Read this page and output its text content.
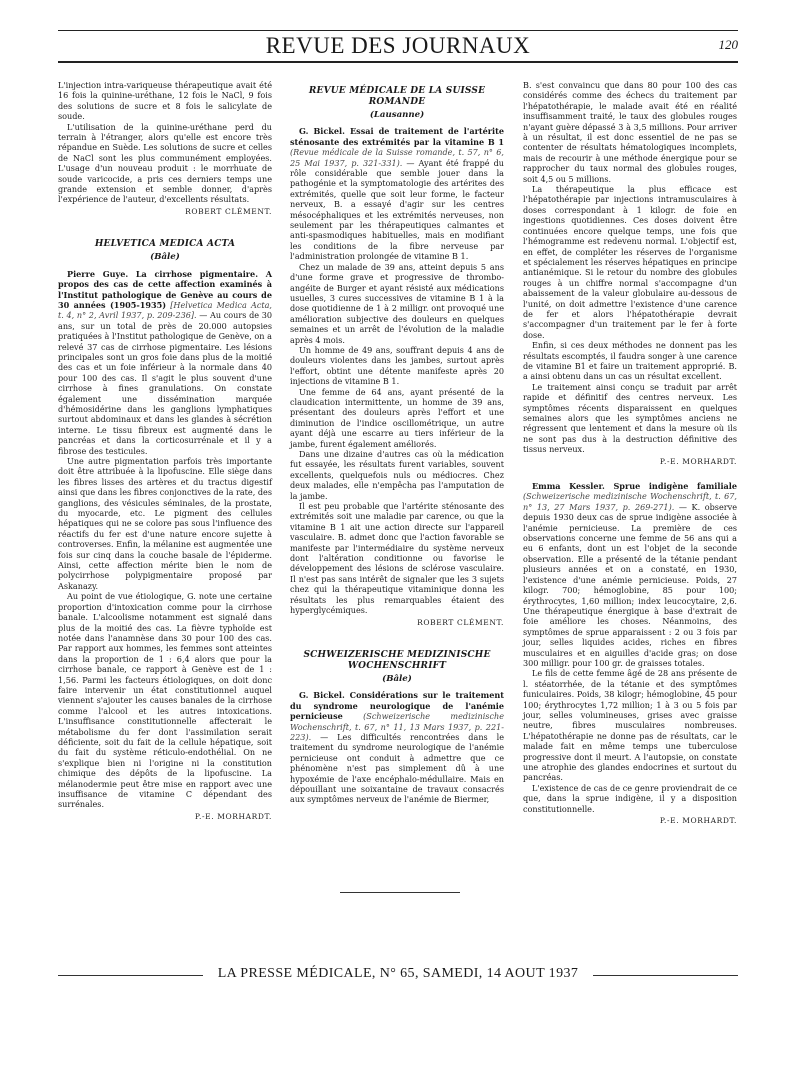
REVUE DES JOURNAUX	120

L'injection intra-variqueuse thérapeutique avait été 16 fois la quinine-uréthane, 12 fois le NaCl, 9 fois des solutions de sucre et 8 fois le salicylate de soude.

L'utilisation de la quinine-uréthane perd du terrain à l'étranger, alors qu'elle est encore très répandue en Suède. Les solutions de sucre et celles de NaCl sont les plus communément employées. L'usage d'un nouveau produit : le morrhuate de soude varicocide, a pris ces derniers temps une grande extension et semble donner, d'après l'expérience de l'auteur, d'excellents résultats.

ROBERT CLÉMENT.

HELVETICA MEDICA ACTA

(Bâle)

Pierre Guye. La cirrhose pigmentaire. A propos des cas de cette affection examinés à l'Institut pathologique de Genève au cours de 30 années (1905-1935) [Helvetica Medica Acta, t. 4, n° 2, Avril 1937, p. 209-236]. — Au cours de 30 ans, sur un total de près de 20.000 autopsies pratiquées à l'Institut pathologique de Genève, on a relevé 37 cas de cirrhose pigmentaire. Les lésions principales sont un gros foie dans plus de la moitié des cas et un foie inférieur à la normale dans 40 pour 100 des cas. Il s'agit le plus souvent d'une cirrhose à fines granulations. On constate également une dissémination marquée d'hémosidérine dans les ganglions lymphatiques surtout abdominaux et dans les glandes à sécrétion interne. Le tissu fibreux est augmenté dans le pancréas et dans la corticosurrénale et il y a fibrose des testicules.

Une autre pigmentation parfois très importante doit être attribuée à la lipofuscine. Elle siège dans les fibres lisses des artères et du tractus digestif ainsi que dans les fibres conjonctives de la rate, des ganglions, des vésicules séminales, de la prostate, du myocarde, etc. Le pigment des cellules hépatiques qui ne se colore pas sous l'influence des réactifs du fer est d'une nature encore sujette à controverses. Enfin, la mélanine est augmentée une fois sur cinq dans la couche basale de l'épiderme. Ainsi, cette affection mérite bien le nom de polycirrhose polypigmentaire proposé par Askanazy.

Au point de vue étiologique, G. note une certaine proportion d'intoxication comme pour la cirrhose banale. L'alcoolisme notamment est signalé dans plus de la moitié des cas. La fièvre typhoïde est notée dans l'anamnèse dans 30 pour 100 des cas. Par rapport aux hommes, les femmes sont atteintes dans la proportion de 1 : 6,4 alors que pour la cirrhose banale, ce rapport à Genève est de 1 : 1,56. Parmi les facteurs étiologiques, on doit donc faire intervenir un état constitutionnel auquel viennent s'ajouter les causes banales de la cirrhose comme l'alcool et les autres intoxications. L'insuffisance constitutionnelle affecterait le métabolisme du fer dont l'assimilation serait déficiente, soit du fait de la cellule hépatique, soit du fait du système réticulo-endothélial. On ne s'explique bien ni l'origine ni la constitution chimique des dépôts de la lipofuscine. La mélanodermie peut être mise en rapport avec une insuffisance de vitamine C dépendant des surrénales.

P.-E. MORHARDT.

REVUE MÉDICALE DE LA SUISSE ROMANDE

(Lausanne)

G. Bickel. Essai de traitement de l'artérite sténosante des extrémités par la vitamine B 1 (Revue médicale de la Suisse romande, t. 57, n° 6, 25 Mai 1937, p. 321-331). — Ayant été frappé du rôle considérable que semble jouer dans la pathogénie et la symptomatologie des artérites des extrémités, quelle que soit leur forme, le facteur nerveux, B. a essayé d'agir sur les centres mésocéphaliques et les extrémités nerveuses, non seulement par les thérapeutiques calmantes et anti-spasmodiques habituelles, mais en modifiant les conditions de la fibre nerveuse par l'administration prolongée de vitamine B 1.

Chez un malade de 39 ans, atteint depuis 5 ans d'une forme grave et progressive de thrombo-angéite de Burger et ayant résisté aux médications usuelles, 3 cures successives de vitamine B 1 à la dose quotidienne de 1 à 2 milligr. ont provoqué une amélioration subjective des douleurs en quelques semaines et un arrêt de l'évolution de la maladie après 4 mois.

Un homme de 49 ans, souffrant depuis 4 ans de douleurs violentes dans les jambes, surtout après l'effort, obtint une détente manifeste après 20 injections de vitamine B 1.

Une femme de 64 ans, ayant présenté de la claudication intermittente, un homme de 39 ans, présentant des douleurs après l'effort et une diminution de l'indice oscillométrique, un autre ayant déjà une escarre au tiers inférieur de la jambe, furent également améliorés.

Dans une dizaine d'autres cas où la médication fut essayée, les résultats furent variables, souvent excellents, quelquefois nuls ou médiocres. Chez deux malades, elle n'empêcha pas l'amputation de la jambe.

Il est peu probable que l'artérite sténosante des extrémités soit une maladie par carence, ou que la vitamine B 1 ait une action directe sur l'appareil vasculaire. B. admet donc que l'action favorable se manifeste par l'intermédiaire du système nerveux dont l'altération conditionne ou favorise le développement des lésions de sclérose vasculaire. Il n'est pas sans intérêt de signaler que les 3 sujets chez qui la thérapeutique vitaminique donna les résultats les plus remarquables étaient des hyperglycémiques.

ROBERT CLÉMENT.

SCHWEIZERISCHE MEDIZINISCHE WOCHENSCHRIFT

(Bâle)

G. Bickel. Considérations sur le traitement du syndrome neurologique de l'anémie pernicieuse	(Schweizerische medizinische Wochenschrift, t. 67, n° 11, 13 Mars 1937, p. 221-223). — Les difficultés rencontrées dans le traitement du syndrome neurologique de l'anémie pernicieuse ont conduit à admettre que ce phénomène n'est pas simplement dû à une hypoxémie de l'axe encéphalo-médullaire. Mais en dépouillant une soixantaine de travaux consacrés aux symptômes nerveux de l'anémie de Biermer,

B. s'est convaincu que dans 80 pour 100 des cas considérés comme des échecs du traitement par l'hépatothérapie, le malade avait été en réalité insuffisamment traité, le taux des globules rouges n'ayant guère dépassé 3 à 3,5 millions. Pour arriver à un résultat, il est donc essentiel de ne pas se contenter de résultats hématologiques incomplets, mais de recourir à une méthode énergique pour se rapprocher du taux normal des globules rouges, soit 4,5 ou 5 millions.

La thérapeutique la plus efficace est l'hépatothérapie par injections intramusculaires à doses correspondant à 1 kilogr. de foie en ingestions quotidiennes. Ces doses doivent être continuées encore quelque temps, une fois que l'hémogramme est redevenu normal. L'objectif est, en effet, de compléter les réserves de l'organisme et spécialement les réserves hépatiques en principe antianémique. Si le retour du nombre des globules rouges à un chiffre normal s'accompagne d'un abaissement de la valeur globulaire au-dessous de l'unité, on doit admettre l'existence d'une carence de fer et alors l'hépatothérapie devrait s'accompagner d'un traitement par le fer à forte dose.

Enfin, si ces deux méthodes ne donnent pas les résultats escomptés, il faudra songer à une carence de vitamine B1 et faire un traitement approprié. B. a ainsi obtenu dans un cas un résultat excellent.

Le traitement ainsi conçu se traduit par arrêt rapide et définitif des centres nerveux. Les symptômes récents disparaissent en quelques semaines alors que les symptômes anciens ne régressent que lentement et dans la mesure où ils ne sont pas dus à la destruction définitive des tissus nerveux.

P.-E. MORHARDT.

Emma Kessler. Sprue indigène familiale (Schweizerische medizinische Wochenschrift, t. 67, n° 13, 27 Mars 1937, p. 269-271). — K. observe depuis 1930 deux cas de sprue indigène associée à l'anémie pernicieuse. La première de ces observations concerne une femme de 56 ans qui a eu 6 enfants, dont un est l'objet de la seconde observation. Elle a présenté de la tétanie pendant plusieurs années et on a constaté, en 1930, l'existence d'une anémie pernicieuse. Poids, 27 kilogr. 700; hémoglobine, 85 pour 100; érythrocytes, 1,60 million; index leucocytaire, 2,6. Une thérapeutique énergique à base d'extrait de foie améliore les choses. Néanmoins, des symptômes de sprue apparaissent : 2 ou 3 fois par jour, selles liquides acides, riches en fibres musculaires et en aiguilles d'acide gras; on dose 300 milligr. pour 100 gr. de graisses totales.

Le fils de cette femme âgé de 28 ans présente de l. stéatorrhée, de la tétanie et des symptômes funiculaires. Poids, 38 kilogr; hémoglobine, 45 pour 100; érythrocytes 1,72 million; 1 à 3 ou 5 fois par jour, selles volumineuses, grises avec graisse neutre, fibres musculaires nombreuses. L'hépatothérapie ne donne pas de résultats, car le malade fait en même temps une tuberculose progressive dont il meurt. A l'autopsie, on constate une atrophie des glandes endocrines et surtout du pancréas.

L'existence de cas de ce genre proviendrait de ce que, dans la sprue indigène, il y a disposition constitutionnelle.

P.-E. MORHARDT.

LA PRESSE MÉDICALE, N° 65, SAMEDI, 14 AOUT 1937
